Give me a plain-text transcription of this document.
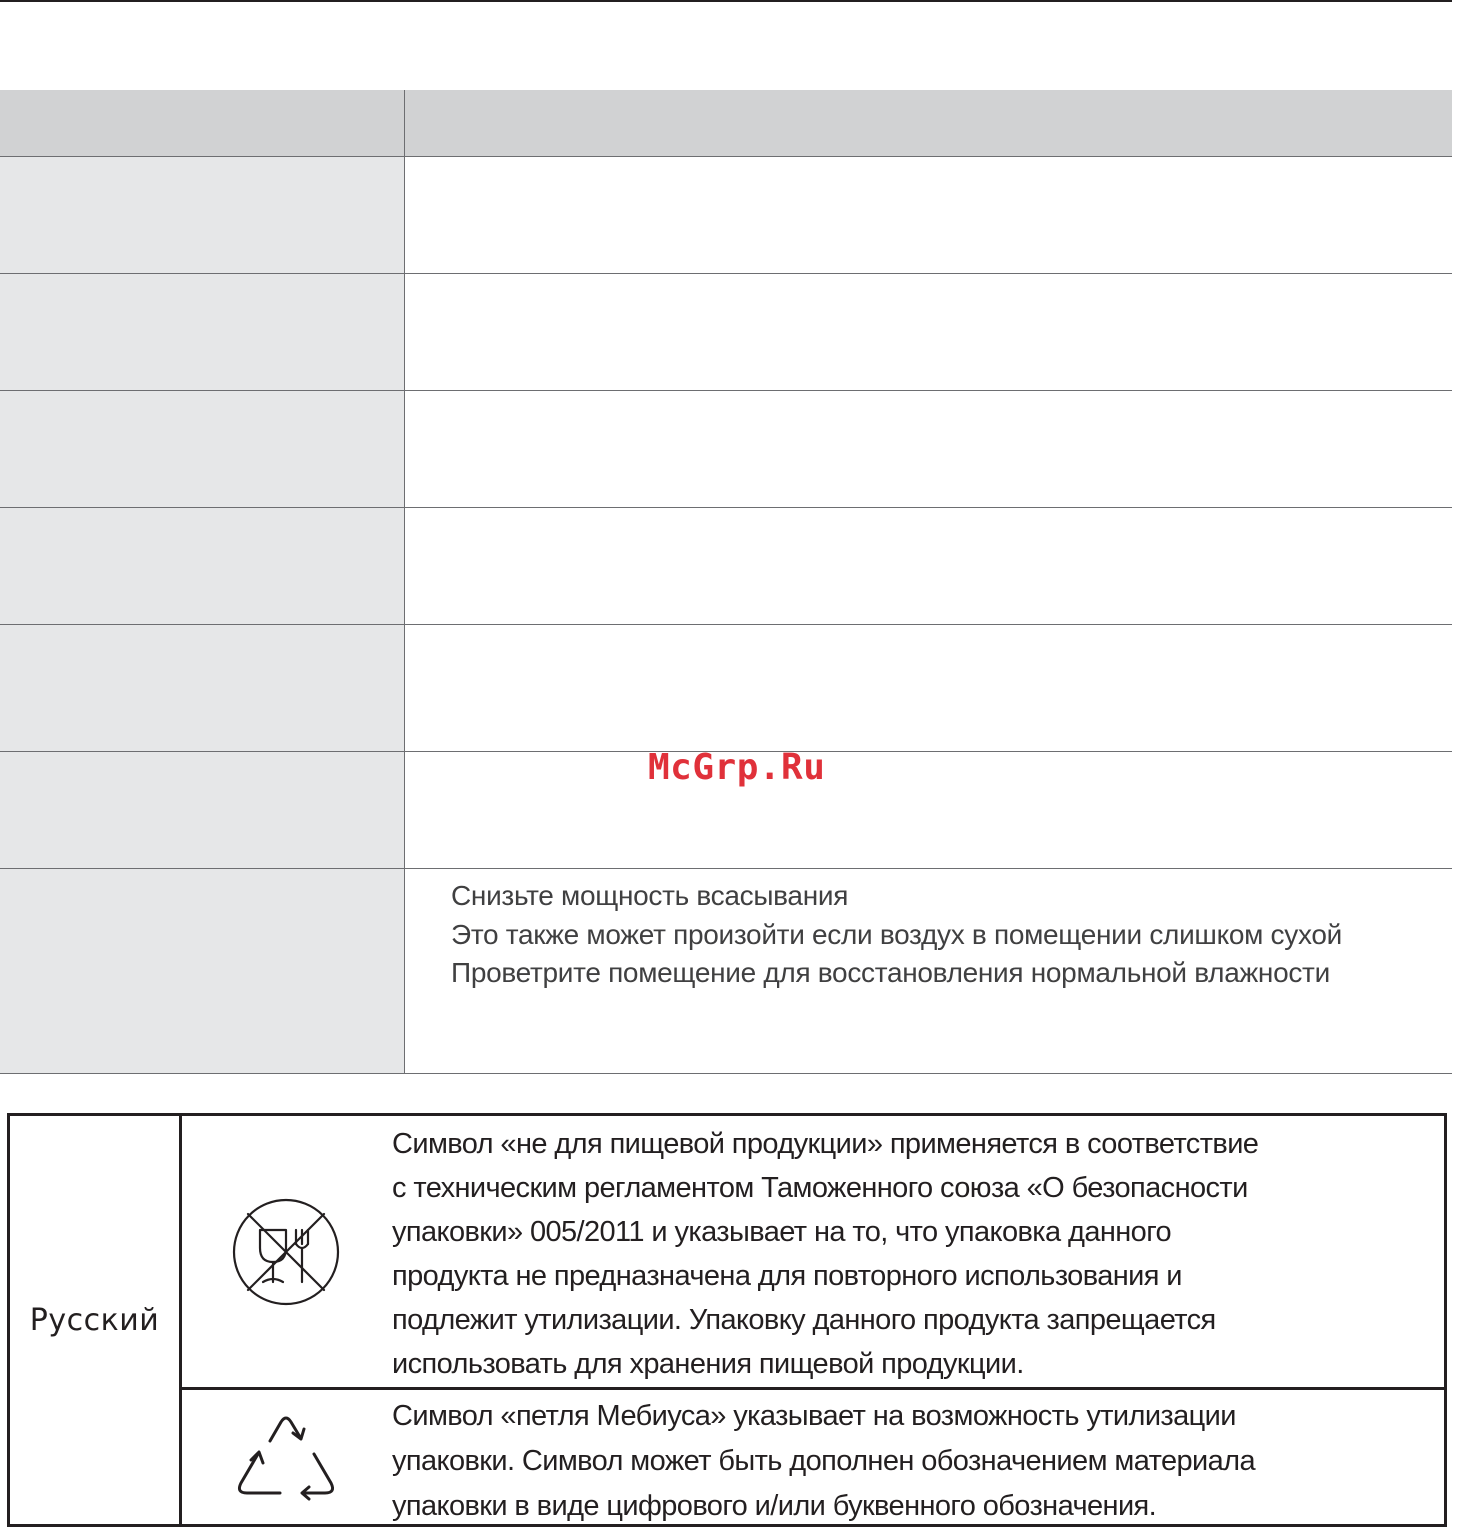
Снизьте мощность всасывания
Это также может произойти если воздух в помещении слишком сухой
Проветрите помещение для восстановления нормальной влажности
McGrp.Ru
Русский
Символ «не для пищевой продукции» применяется в соответствие
с техническим регламентом Таможенного союза «О безопасности
упаковки» 005/2011 и указывает на то, что упаковка данного
продукта не предназначена для повторного использования и
подлежит утилизации. Упаковку данного продукта запрещается
использовать для хранения пищевой продукции.
Символ «петля Мебиуса» указывает на возможность утилизации
упаковки. Символ может быть дополнен обозначением материала
упаковки в виде цифрового и/или буквенного обозначения.
